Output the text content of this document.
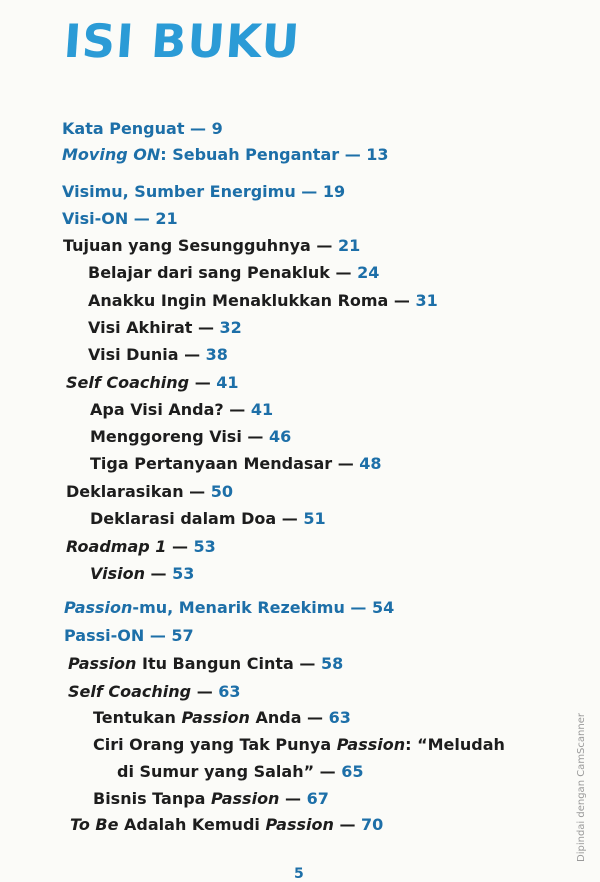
ISI BUKU
Kata Penguat — 9
Moving ON: Sebuah Pengantar — 13
Visimu, Sumber Energimu — 19
Visi-ON — 21
Tujuan yang Sesungguhnya — 21
Belajar dari sang Penakluk — 24
Anakku Ingin Menaklukkan Roma — 31
Visi Akhirat — 32
Visi Dunia — 38
Self Coaching — 41
Apa Visi Anda? — 41
Menggoreng Visi — 46
Tiga Pertanyaan Mendasar — 48
Deklarasikan — 50
Deklarasi dalam Doa — 51
Roadmap 1 — 53
Vision — 53
Passion-mu, Menarik Rezekimu — 54
Passi-ON — 57
Passion Itu Bangun Cinta — 58
Self Coaching — 63
Tentukan Passion Anda — 63
Ciri Orang yang Tak Punya Passion: “Meludah
di Sumur yang Salah” — 65
Bisnis Tanpa Passion — 67
To Be Adalah Kemudi Passion — 70
5
Dipindai dengan CamScanner
